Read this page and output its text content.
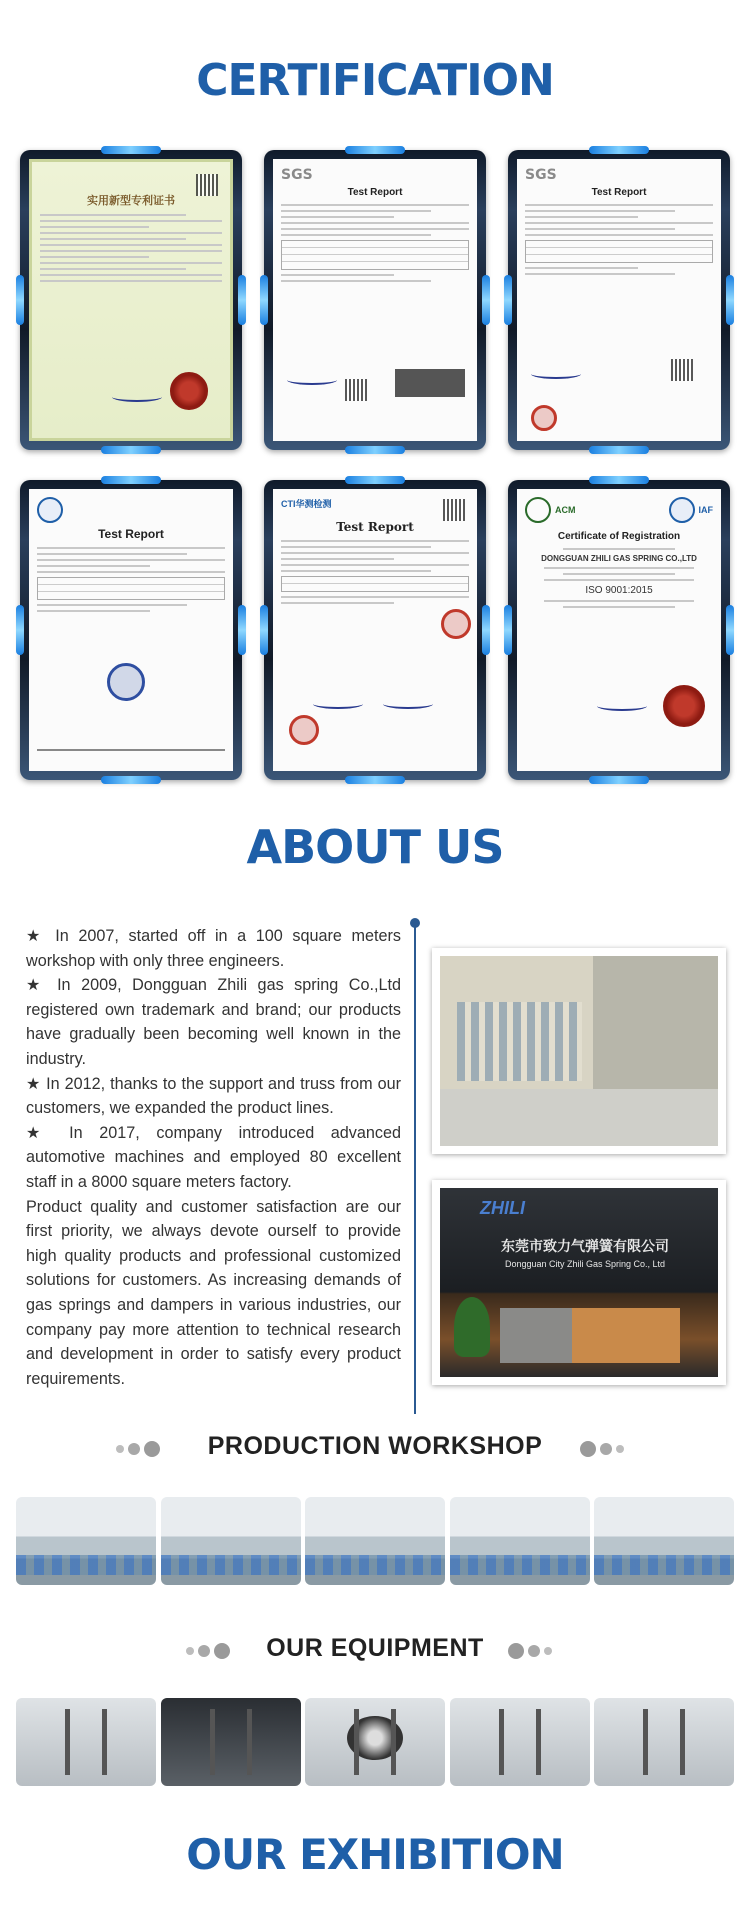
CERTIFICATION
实用新型专利证书
SGS
Test Report
SGS
Test Report
Test Report
CTI华测检测
Test Report
ACM	IAF
Certificate of Registration
DONGGUAN ZHILI GAS SPRING CO.,LTD
ISO 9001:2015
ABOUT US

★ In 2007, started off in a 100 square meters workshop with only three engineers.

★ In 2009, Dongguan Zhili gas spring Co.,Ltd registered own trademark and brand; our products have gradually been becoming well known in the industry.

★ In 2012, thanks to the support and truss from our customers, we expanded the product lines.

★ In 2017, company introduced advanced automotive machines and employed 80 excellent staff in a 8000 square meters factory.

Product quality and customer satisfaction are our first priority, we always devote ourself to provide high quality products and professional customized solutions for customers. As increasing demands of gas springs and dampers in various industries, our company pay more attention to technical research and development in order to satisfy every product requirements.

ZHILI
东莞市致力气弹簧有限公司
Dongguan City Zhili Gas Spring Co., Ltd
PRODUCTION WORKSHOP
OUR EQUIPMENT
OUR EXHIBITION
